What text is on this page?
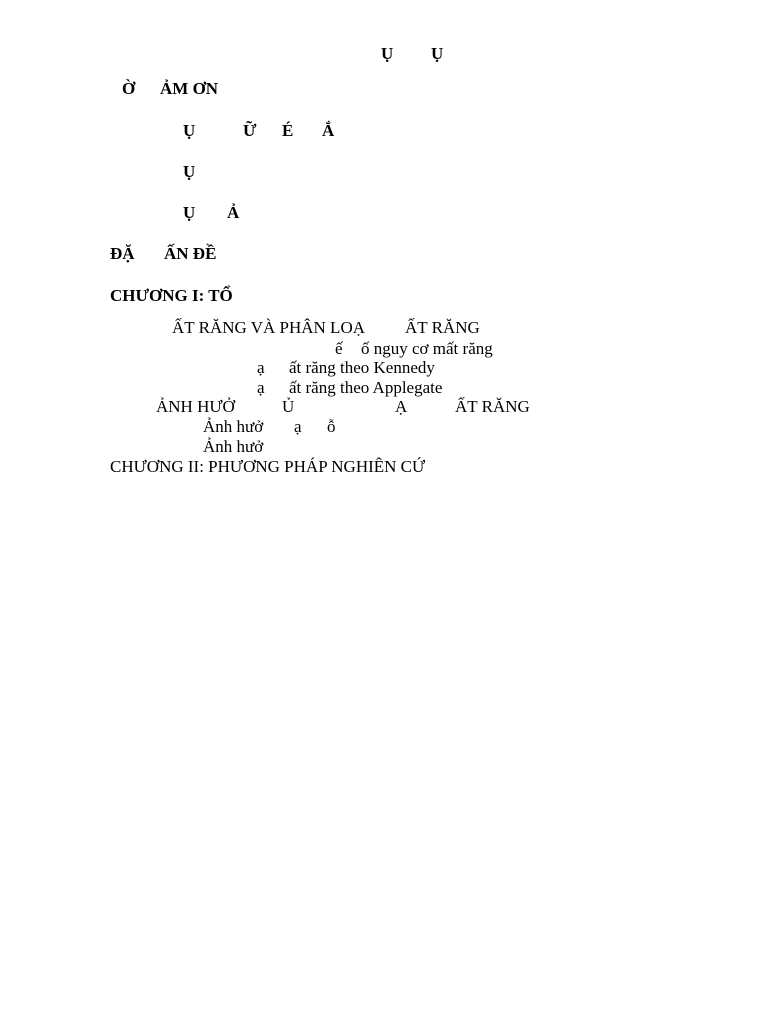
Ụ Ụ
Ờ ẢM ƠN
Ụ	Ữ É Ắ
Ụ
Ụ Ả
ĐẶ ẤN ĐỀ
CHƯƠNG I: TỔ
ẤT RĂNG VÀ PHÂN LOẠ ẤT RĂNG
ế ố nguy cơ mất răng
ạ ất răng theo Kennedy
ạ ất răng theo Applegate
ẢNH HƯỞ	Ủ	Ạ	ẤT RĂNG
Ảnh hưở ạ ỗ
Ảnh hưở
CHƯƠNG II: PHƯƠNG PHÁP NGHIÊN CỨ
